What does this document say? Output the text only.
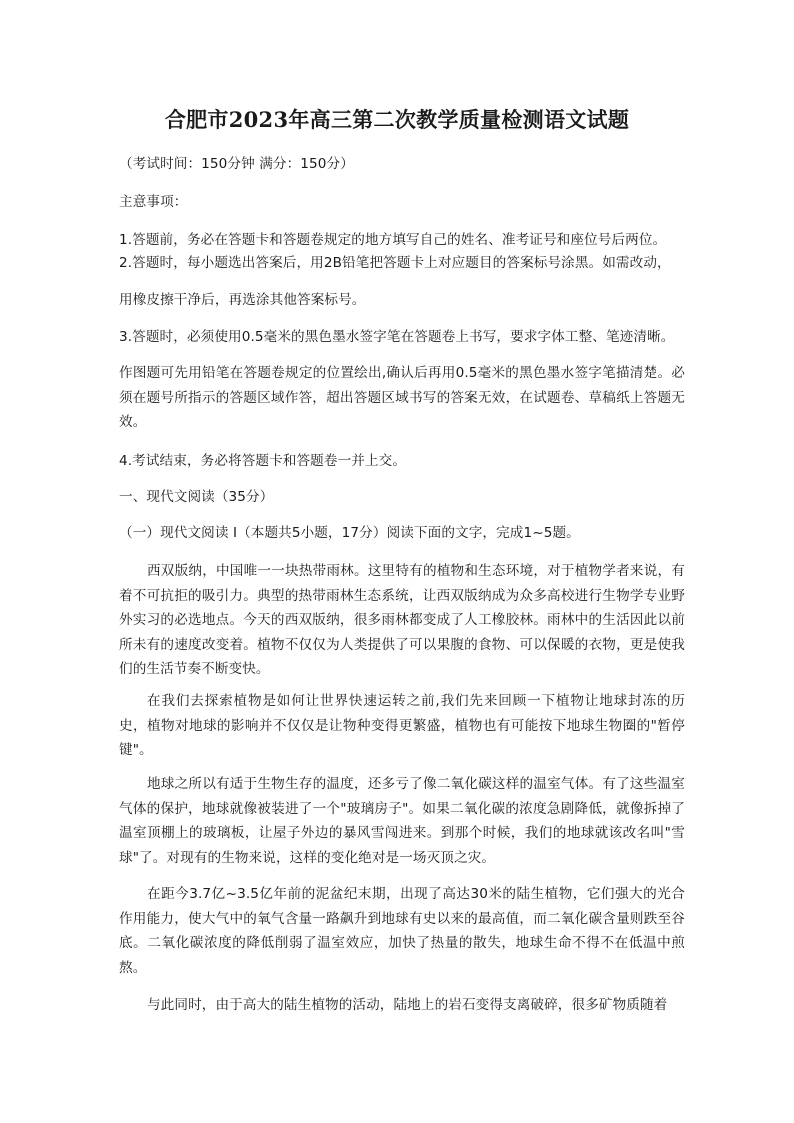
合肥市2023年高三第二次教学质量检测语文试题
（考试时间：150分钟 满分：150分）
主意事项：
1.答题前，务必在答题卡和答题卷规定的地方填写自己的姓名、准考证号和座位号后两位。
2.答题时，每小题选出答案后，用2B铅笔把答题卡上对应题目的答案标号涂黑。如需改动，
用橡皮擦干净后，再选涂其他答案标号。
3.答题时，必须使用0.5毫米的黑色墨水签字笔在答题卷上书写，要求字体工整、笔迹清晰。
作图题可先用铅笔在答题卷规定的位置绘出,确认后再用0.5毫米的黑色墨水签字笔描清楚。必须在题号所指示的答题区域作答，超出答题区域书写的答案无效，在试题卷、草稿纸上答题无效。
4.考试结束，务必将答题卡和答题卷一并上交。
一、现代文阅读（35分）
（一）现代文阅读 I（本题共5小题，17分）阅读下面的文字，完成1~5题。
西双版纳，中国唯一一块热带雨林。这里特有的植物和生态环境，对于植物学者来说，有着不可抗拒的吸引力。典型的热带雨林生态系统，让西双版纳成为众多高校进行生物学专业野外实习的必选地点。今天的西双版纳，很多雨林都变成了人工橡胶林。雨林中的生活因此以前所未有的速度改变着。植物不仅仅为人类提供了可以果腹的食物、可以保暖的衣物，更是使我们的生活节奏不断变快。
在我们去探索植物是如何让世界快速运转之前,我们先来回顾一下植物让地球封冻的历史，植物对地球的影响并不仅仅是让物种变得更繁盛，植物也有可能按下地球生物圈的"暂停键"。
地球之所以有适于生物生存的温度，还多亏了像二氧化碳这样的温室气体。有了这些温室气体的保护，地球就像被装进了一个"玻璃房子"。如果二氧化碳的浓度急剧降低，就像拆掉了温室顶棚上的玻璃板，让屋子外边的暴风雪闯进来。到那个时候，我们的地球就该改名叫"雪球"了。对现有的生物来说，这样的变化绝对是一场灭顶之灾。
在距今3.7亿~3.5亿年前的泥盆纪末期，出现了高达30米的陆生植物，它们强大的光合作用能力，使大气中的氧气含量一路飙升到地球有史以来的最高值，而二氧化碳含量则跌至谷底。二氧化碳浓度的降低削弱了温室效应，加快了热量的散失，地球生命不得不在低温中煎熬。
与此同时，由于高大的陆生植物的活动，陆地上的岩石变得支离破碎，很多矿物质随着
